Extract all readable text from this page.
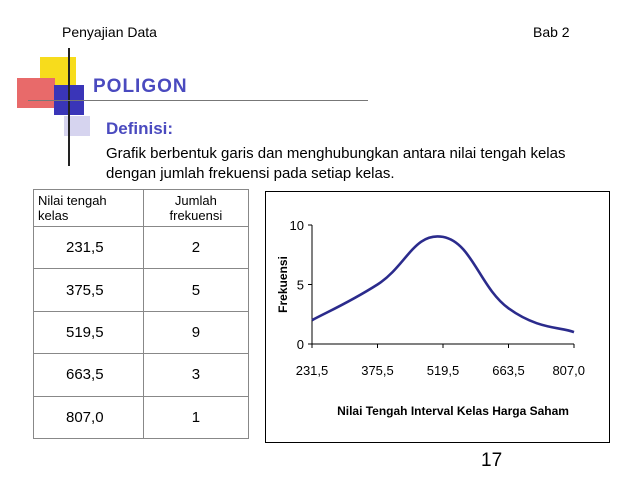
Penyajian Data	Bab 2
POLIGON
Definisi:
Grafik berbentuk garis dan menghubungkan antara nilai tengah kelas dengan jumlah frekuensi pada setiap kelas.
Nilai tengah kelas	Jumlah frekuensi
231,5	2
375,5	5
519,5	9
663,5	3
807,0	1
0
5
10
231,5	375,5	519,5	663,5 807,0
Nilai Tengah Interval Kelas Harga Saham
Frekuensi
17
